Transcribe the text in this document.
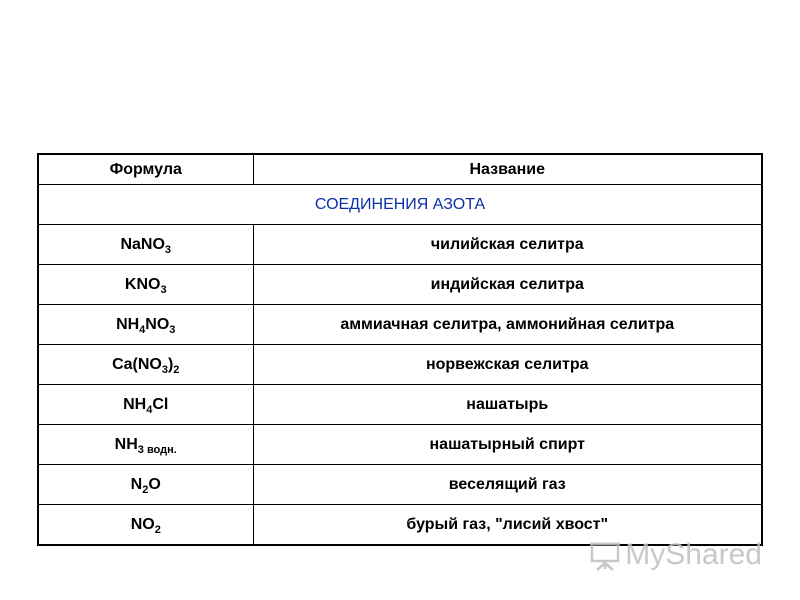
Формула	Название
СОЕДИНЕНИЯ АЗОТА	
NaNO$_3$	чилийская селитра
$KNO_3$	индийская селитра
$NH_4NO_3$	аммиачная селитра, аммонийная селитра
$Ca(NO_3)_2$	норвежская селитра
$NH_4Cl$	нашатырь
$NH_{3 водн.}$	нашатырный спирт
$N_2O$	веселящий газ
$NO_2$	бурый газ, "лисий хвост"
MyShared
